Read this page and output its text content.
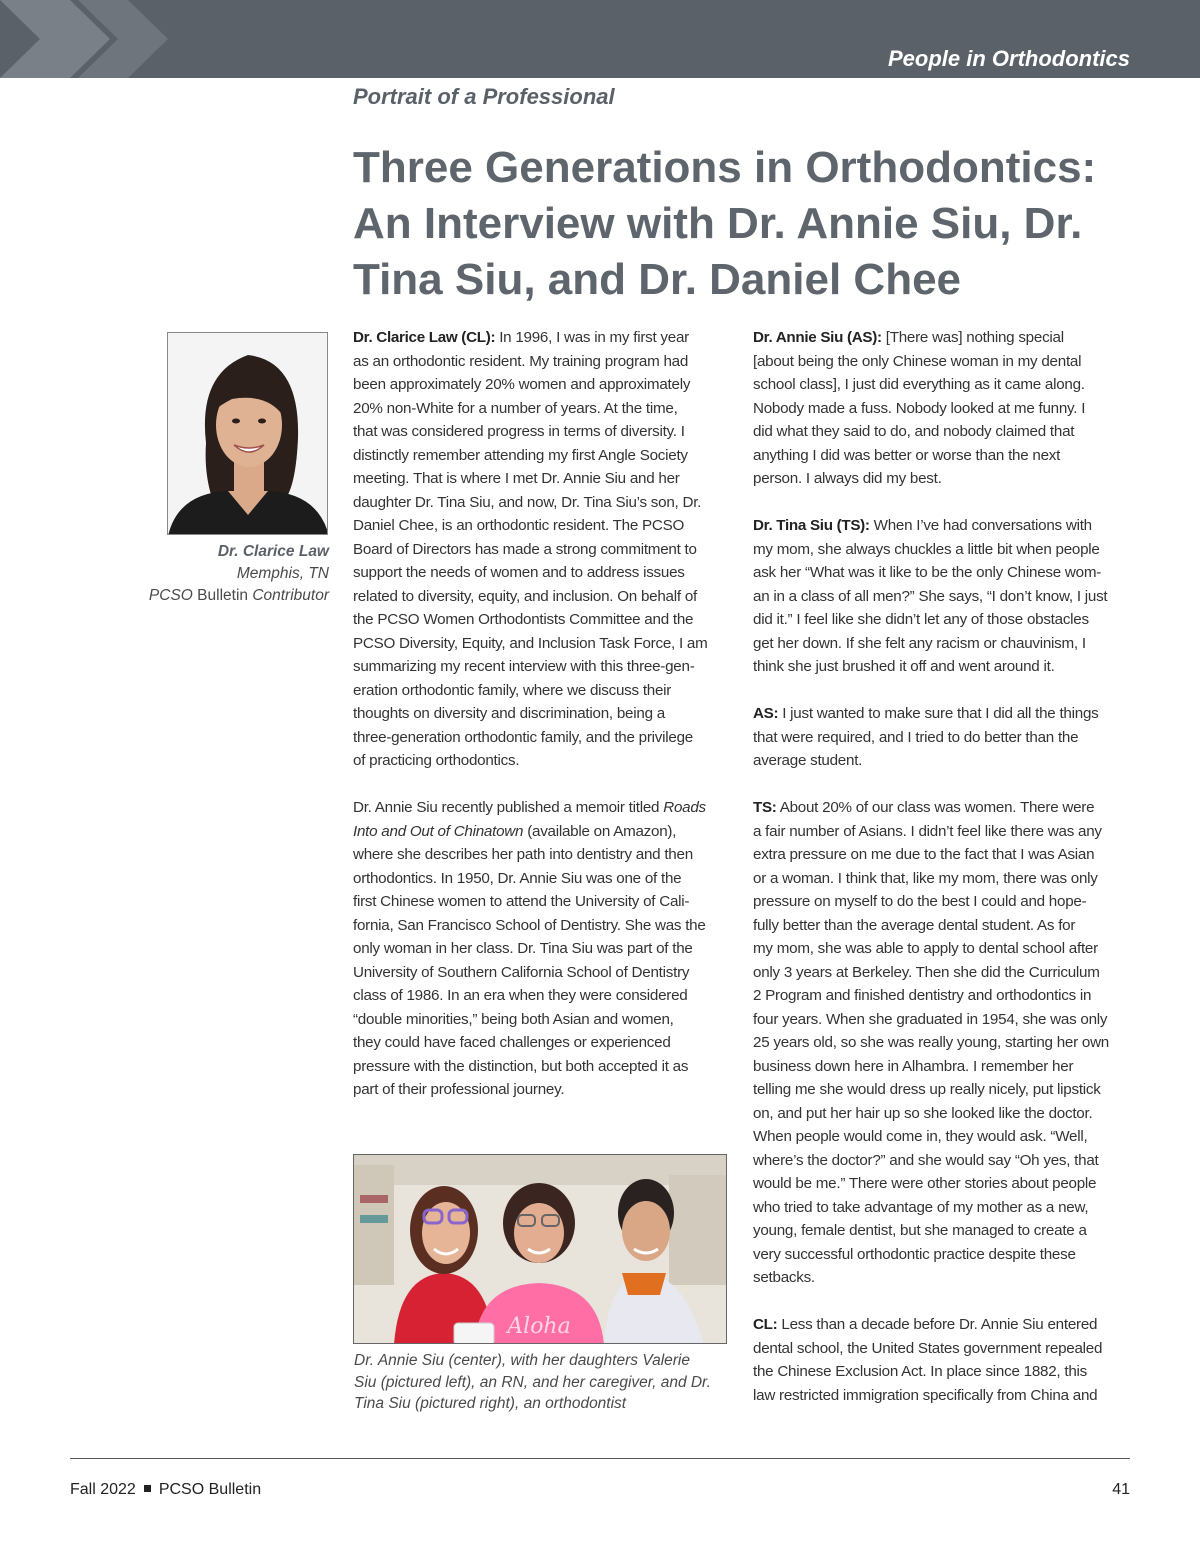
People in Orthodontics
Portrait of a Professional
Three Generations in Orthodontics:
An Interview with Dr. Annie Siu, Dr.
Tina Siu, and Dr. Daniel Chee
Dr. Clarice Law
Memphis, TN
PCSO Bulletin Contributor

Dr. Clarice Law (CL): In 1996, I was in my first year
as an orthodontic resident. My training program had
been approximately 20% women and approximately
20% non-White for a number of years. At the time,
that was considered progress in terms of diversity. I
distinctly remember attending my first Angle Society
meeting. That is where I met Dr. Annie Siu and her
daughter Dr. Tina Siu, and now, Dr. Tina Siu’s son, Dr.
Daniel Chee, is an orthodontic resident. The PCSO
Board of Directors has made a strong commitment to
support the needs of women and to address issues
related to diversity, equity, and inclusion. On behalf of
the PCSO Women Orthodontists Committee and the
PCSO Diversity, Equity, and Inclusion Task Force, I am
summarizing my recent interview with this three-gen-
eration orthodontic family, where we discuss their
thoughts on diversity and discrimination, being a
three-generation orthodontic family, and the privilege
of practicing orthodontics.

Dr. Annie Siu recently published a memoir titled Roads
Into and Out of Chinatown (available on Amazon),
where she describes her path into dentistry and then
orthodontics. In 1950, Dr. Annie Siu was one of the
first Chinese women to attend the University of Cali-
fornia, San Francisco School of Dentistry. She was the
only woman in her class. Dr. Tina Siu was part of the
University of Southern California School of Dentistry
class of 1986. In an era when they were considered
“double minorities,” being both Asian and women,
they could have faced challenges or experienced
pressure with the distinction, but both accepted it as
part of their professional journey.

Aloha
Dr. Annie Siu (center), with her daughters Valerie
Siu (pictured left), an RN, and her caregiver, and Dr.
Tina Siu (pictured right), an orthodontist

Dr. Annie Siu (AS): [There was] nothing special
[about being the only Chinese woman in my dental
school class], I just did everything as it came along.
Nobody made a fuss. Nobody looked at me funny. I
did what they said to do, and nobody claimed that
anything I did was better or worse than the next
person. I always did my best.

Dr. Tina Siu (TS): When I’ve had conversations with
my mom, she always chuckles a little bit when people
ask her “What was it like to be the only Chinese wom-
an in a class of all men?” She says, “I don’t know, I just
did it.” I feel like she didn’t let any of those obstacles
get her down. If she felt any racism or chauvinism, I
think she just brushed it off and went around it.

AS: I just wanted to make sure that I did all the things
that were required, and I tried to do better than the
average student.

TS: About 20% of our class was women. There were
a fair number of Asians. I didn’t feel like there was any
extra pressure on me due to the fact that I was Asian
or a woman. I think that, like my mom, there was only
pressure on myself to do the best I could and hope-
fully better than the average dental student. As for
my mom, she was able to apply to dental school after
only 3 years at Berkeley. Then she did the Curriculum
2 Program and finished dentistry and orthodontics in
four years. When she graduated in 1954, she was only
25 years old, so she was really young, starting her own
business down here in Alhambra. I remember her
telling me she would dress up really nicely, put lipstick
on, and put her hair up so she looked like the doctor.
When people would come in, they would ask. “Well,
where’s the doctor?” and she would say “Oh yes, that
would be me.” There were other stories about people
who tried to take advantage of my mother as a new,
young, female dentist, but she managed to create a
very successful orthodontic practice despite these
setbacks.

CL: Less than a decade before Dr. Annie Siu entered
dental school, the United States government repealed
the Chinese Exclusion Act. In place since 1882, this
law restricted immigration specifically from China and

Fall 2022 PCSO Bulletin	41
